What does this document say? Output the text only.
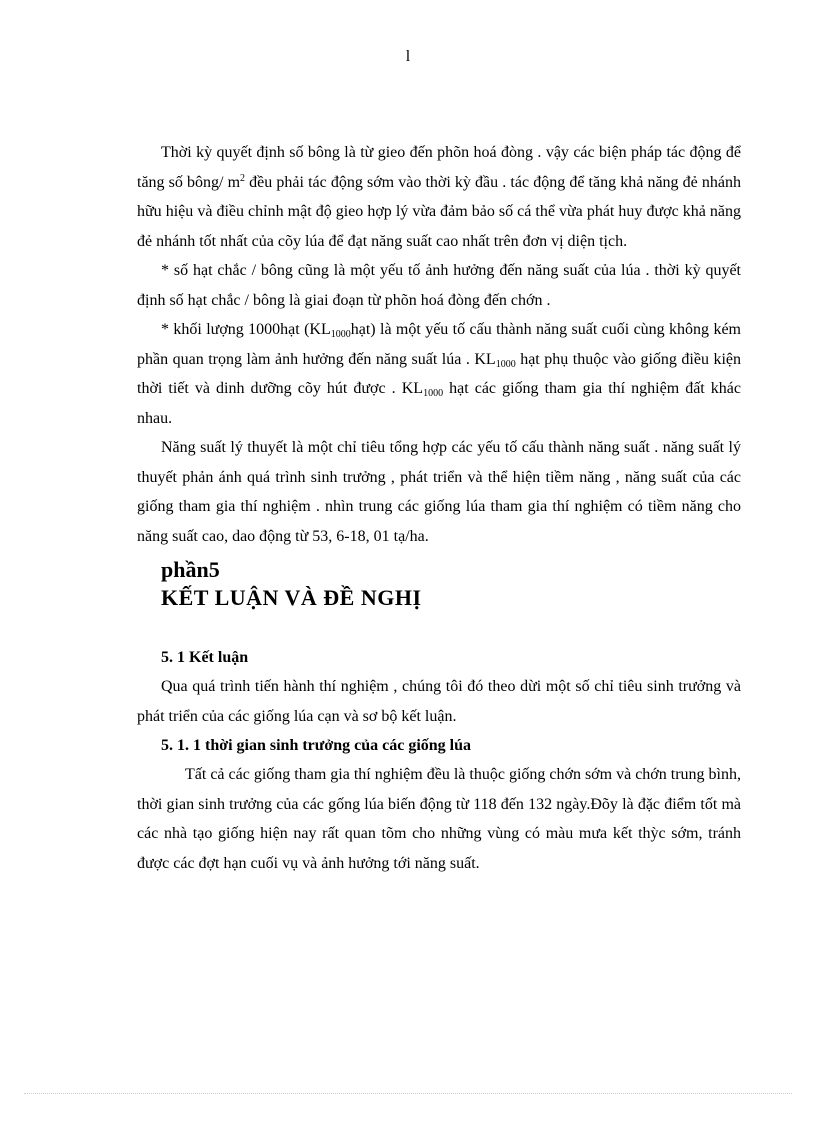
l

Thời kỳ quyết định số bông là từ gieo đến phõn hoá đòng . vậy các biện pháp tác động để tăng số bông/ $m^2$ đều phải tác động sớm vào thời kỳ đầu . tác động để tăng khả năng đẻ nhánh hữu hiệu và điều chỉnh mật độ gieo hợp lý vừa đảm bảo số cá thể vừa phát huy được khả năng đẻ nhánh tốt nhất của cõy lúa để đạt năng suất cao nhất trên đơn vị diện tịch.

* số hạt chắc / bông cũng là một yếu tố ảnh hưởng đến năng suất của lúa . thời kỳ quyết định số hạt chắc / bông là giai đoạn từ phõn hoá đòng đến chớn .

* khối lượng 1000hạt $(KL_{1000}hạt)$ là một yếu tố cấu thành năng suất cuối cùng không kém phần quan trọng làm ảnh hưởng đến năng suất lúa . $KL_{1000}$ hạt phụ thuộc vào giống điều kiện thời tiết và dinh dưỡng cõy hút được . $KL_{1000}$ hạt các giống tham gia thí nghiệm đất khác nhau.

Năng suất lý thuyết là một chỉ tiêu tổng hợp các yếu tố cấu thành năng suất . năng suất lý thuyết phản ánh quá trình sinh trưởng , phát triển và thể hiện tiềm năng , năng suất của các giống tham gia thí nghiệm . nhìn trung các giống lúa tham gia thí nghiệm có tiềm năng cho năng suất cao, dao động từ 53, 6-18, 01 tạ/ha.

phần5
KẾT LUẬN VÀ ĐỀ NGHỊ
5. 1 Kết luận

Qua quá trình tiến hành thí nghiệm , chúng tôi đó theo dừi một số chỉ tiêu sinh trưởng và phát triển của các giống lúa cạn và sơ bộ kết luận.

5. 1. 1 thời gian sinh trưởng của các giống lúa

Tất cả các giống tham gia thí nghiệm đều là thuộc giống chớn sớm và chớn trung bình, thời gian sinh trưởng của các gống lúa biến động từ 118 đến 132 ngày.Đõy là đặc điểm tốt mà các nhà tạo giống hiện nay rất quan tõm cho những vùng có màu mưa kết thỳc sớm, tránh được các đợt hạn cuối vụ và ảnh hưởng tới năng suất.
